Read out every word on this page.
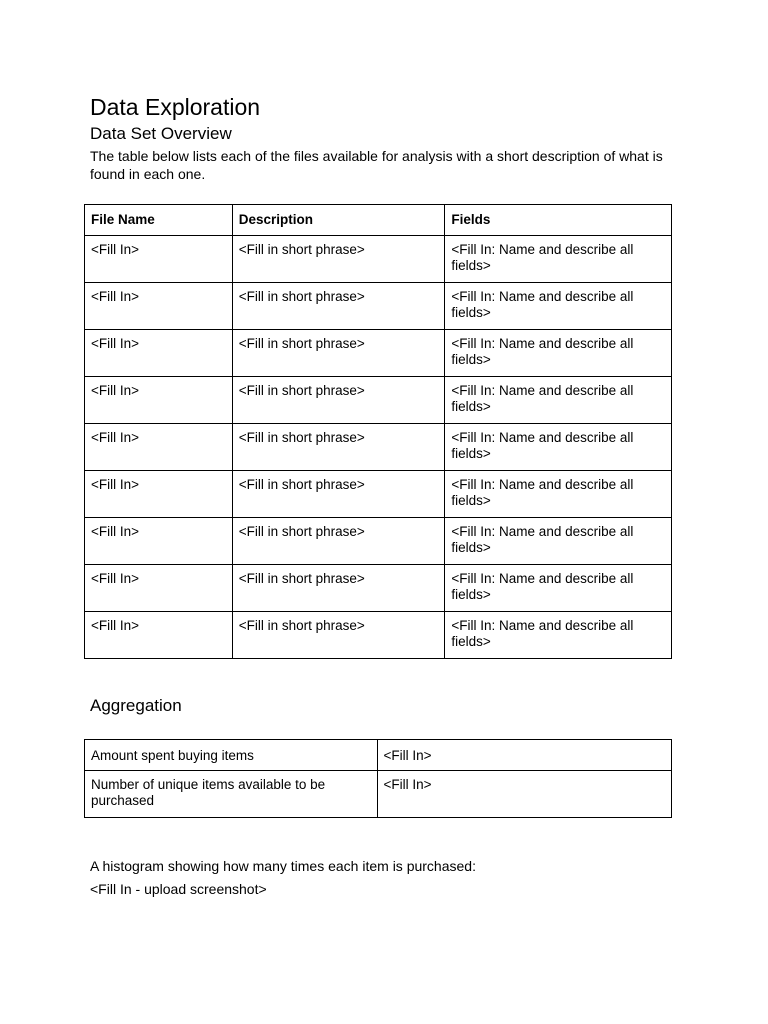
Data Exploration
Data Set Overview

The table below lists each of the files available for analysis with a short description of what is found in each one.

File Name	Description	Fields
<Fill In>	<Fill in short phrase>	<Fill In: Name and describe all fields>
<Fill In>	<Fill in short phrase>	<Fill In: Name and describe all fields>
<Fill In>	<Fill in short phrase>	<Fill In: Name and describe all fields>
<Fill In>	<Fill in short phrase>	<Fill In: Name and describe all fields>
<Fill In>	<Fill in short phrase>	<Fill In: Name and describe all fields>
<Fill In>	<Fill in short phrase>	<Fill In: Name and describe all fields>
<Fill In>	<Fill in short phrase>	<Fill In: Name and describe all fields>
<Fill In>	<Fill in short phrase>	<Fill In: Name and describe all fields>
<Fill In>	<Fill in short phrase>	<Fill In: Name and describe all fields>
Aggregation
Amount spent buying items	<Fill In>
Number of unique items available to be purchased	<Fill In>

A histogram showing how many times each item is purchased:

<Fill In - upload screenshot>
